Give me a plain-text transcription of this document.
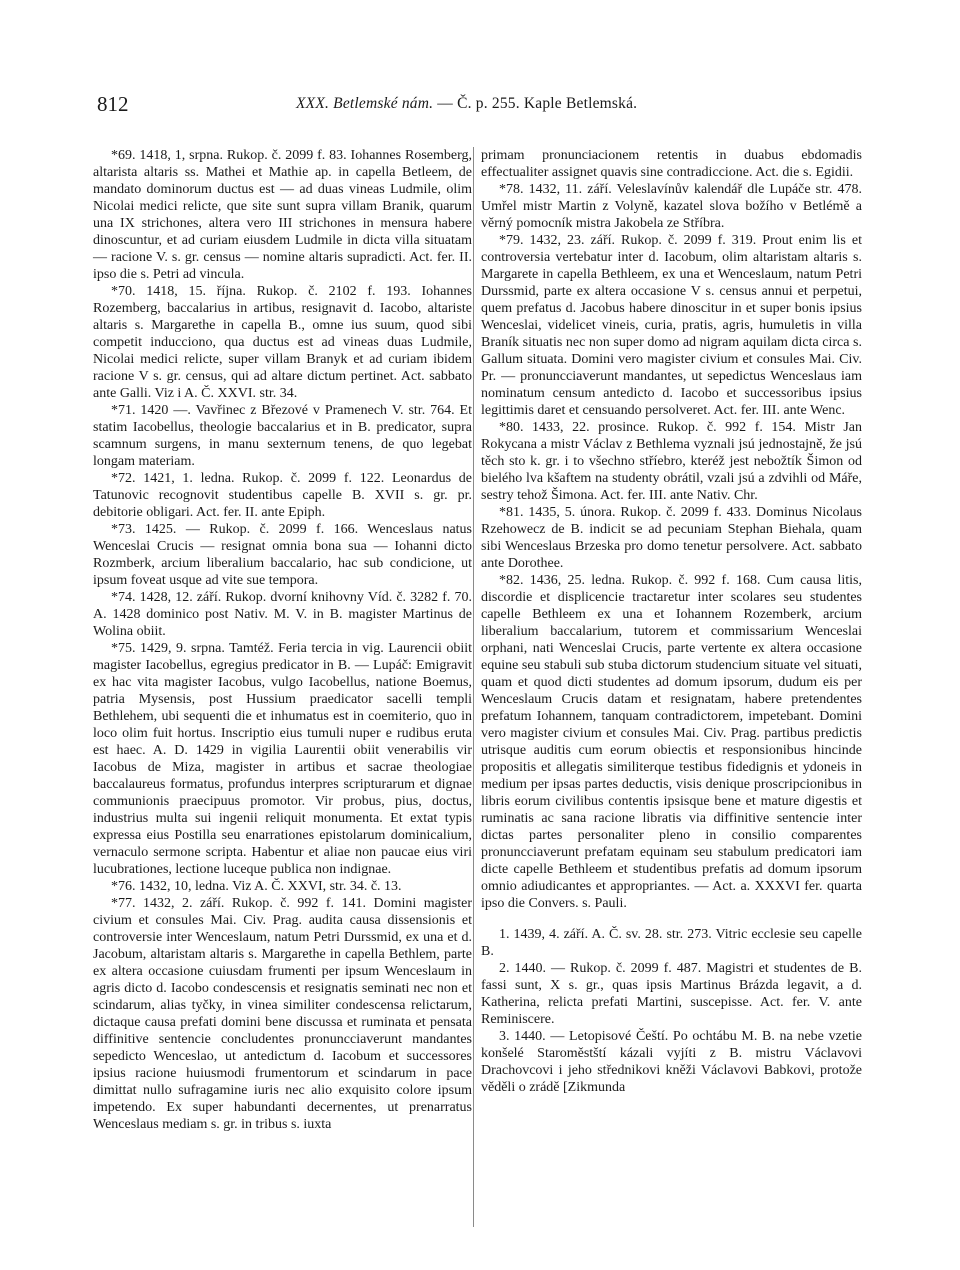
812	XXX. Betlemské nám. — Č. p. 255. Kaple Betlemská.

*69. 1418, 1, srpna. Rukop. č. 2099 f. 83. Iohannes Rosemberg, altarista altaris ss. Mathei et Mathie ap. in capella Betleem, de mandato dominorum ductus est — ad duas vineas Ludmile, olim Nicolai medici relicte, que site sunt supra villam Branik, quarum una IX strichones, altera vero III strichones in mensura habere dinoscuntur, et ad curiam eiusdem Ludmile in dicta villa situatam — racione V. s. gr. census — nomine altaris supradicti. Act. fer. II. ipso die s. Petri ad vincula.

*70. 1418, 15. října. Rukop. č. 2102 f. 193. Iohannes Rozemberg, baccalarius in artibus, resignavit d. Iacobo, altariste altaris s. Margarethe in capella B., omne ius suum, quod sibi competit inducciono, qua ductus est ad vineas duas Ludmile, Nicolai medici relicte, super villam Branyk et ad curiam ibidem racione V s. gr. census, qui ad altare dictum pertinet. Act. sabbato ante Galli. Viz i A. Č. XXVI. str. 34.

*71. 1420 —. Vavřinec z Březové v Pramenech V. str. 764. Et statim Iacobellus, theologie baccalarius et in B. predicator, supra scamnum surgens, in manu sexternum tenens, de quo legebat longam materiam.

*72. 1421, 1. ledna. Rukop. č. 2099 f. 122. Leonardus de Tatunovic recognovit studentibus capelle B. XVII s. gr. pr. debitorie obligari. Act. fer. II. ante Epiph.

*73. 1425. — Rukop. č. 2099 f. 166. Wenceslaus natus Wenceslai Crucis — resignat omnia bona sua — Iohanni dicto Rozmberk, arcium liberalium baccalario, hac sub condicione, ut ipsum foveat usque ad vite sue tempora.

*74. 1428, 12. září. Rukop. dvorní knihovny Víd. č. 3282 f. 70. A. 1428 dominico post Nativ. M. V. in B. magister Martinus de Wolina obiit.

*75. 1429, 9. srpna. Tamtéž. Feria tercia in vig. Laurencii obiit magister Iacobellus, egregius predicator in B. — Lupáč: Emigravit ex hac vita magister Iacobus, vulgo Iacobellus, natione Boemus, patria Mysensis, post Hussium praedicator sacelli templi Bethlehem, ubi sequenti die et inhumatus est in coemiterio, quo in loco olim fuit hortus. Inscriptio eius tumuli nuper e rudibus eruta est haec. A. D. 1429 in vigilia Laurentii obiit venerabilis vir Iacobus de Miza, magister in artibus et sacrae theologiae baccalaureus formatus, profundus interpres scripturarum et dignae communionis praecipuus promotor. Vir probus, pius, doctus, industrius multa sui ingenii reliquit monumenta. Et extat typis expressa eius Postilla seu enarrationes epistolarum dominicalium, vernaculo sermone scripta. Habentur et aliae non paucae eius viri lucubrationes, lectione luceque publica non indignae.

*76. 1432, 10, ledna. Viz A. Č. XXVI, str. 34. č. 13.

*77. 1432, 2. září. Rukop. č. 992 f. 141. Domini magister civium et consules Mai. Civ. Prag. audita causa dissensionis et controversie inter Wenceslaum, natum Petri Durssmid, ex una et d. Jacobum, altaristam altaris s. Margarethe in capella Bethlem, parte ex altera occasione cuiusdam frumenti per ipsum Wenceslaum in agris dicto d. Iacobo condescensis et resignatis seminati nec non et scindarum, alias tyčky, in vinea similiter condescensa relictarum, dictaque causa prefati domini bene discussa et ruminata et pensata diffinitive sentencie concludentes pronuncciaverunt mandantes sepedicto Wenceslao, ut antedictum d. Iacobum et successores ipsius racione huiusmodi frumentorum et scindarum in pace dimittat nullo sufragamine iuris nec alio exquisito colore ipsum impetendo. Ex super habundanti decernentes, ut prenarratus Wenceslaus mediam s. gr. in tribus s. iuxta

primam pronunciacionem retentis in duabus ebdomadis effectualiter assignet quavis sine contradiccione. Act. die s. Egidii.

*78. 1432, 11. září. Veleslavínův kalendář dle Lupáče str. 478. Umřel mistr Martin z Volyně, kazatel slova božího v Betlémě a věrný pomocník mistra Jakobela ze Stříbra.

*79. 1432, 23. září. Rukop. č. 2099 f. 319. Prout enim lis et controversia vertebatur inter d. Iacobum, olim altaristam altaris s. Margarete in capella Bethleem, ex una et Wenceslaum, natum Petri Durssmid, parte ex altera occasione V s. census annui et perpetui, quem prefatus d. Jacobus habere dinoscitur in et super bonis ipsius Wenceslai, videlicet vineis, curia, pratis, agris, humuletis in villa Braník situatis nec non super domo ad nigram aquilam dicta circa s. Gallum situata. Domini vero magister civium et consules Mai. Civ. Pr. — pronuncciaverunt mandantes, ut sepedictus Wenceslaus iam nominatum censum antedicto d. Iacobo et successoribus ipsius legittimis daret et censuando persolveret. Act. fer. III. ante Wenc.

*80. 1433, 22. prosince. Rukop. č. 992 f. 154. Mistr Jan Rokycana a mistr Václav z Bethlema vyznali jsú jednostajně, že jsú těch sto k. gr. i to všechno stříebro, kteréž jest nebožtík Šimon od bieléhо lva kšaftem na studenty obrátil, vzali jsú a zdvihli od Máře, sestry tehož Šimona. Act. fer. III. ante Nativ. Chr.

*81. 1435, 5. února. Rukop. č. 2099 f. 433. Dominus Nicolaus Rzehowecz de B. indicit se ad pecuniam Stephan Biehala, quam sibi Wenceslaus Brzeska pro domo tenetur persolvere. Act. sabbato ante Dorothee.

*82. 1436, 25. ledna. Rukop. č. 992 f. 168. Cum causa litis, discordie et displicencie tractaretur inter scolares seu studentes capelle Bethleem ex una et Iohannem Rozemberk, arcium liberalium baccalarium, tutorem et commissarium Wenceslai orphani, nati Wenceslai Crucis, parte vertente ex altera occasione equine seu stabuli sub stuba dictorum studencium situate vel situati, quam et quod dicti studentes ad domum ipsorum, dudum eis per Wenceslaum Crucis datam et resignatam, habere pretendentes prefatum Iohannem, tanquam contradictorem, impetebant. Domini vero magister civium et consules Mai. Civ. Prag. partibus predictis utrisque auditis cum eorum obiectis et responsionibus hincinde propositis et allegatis similiterque testibus fidedignis et ydoneis in medium per ipsas partes deductis, visis denique proscripcionibus in libris eorum civilibus contentis ipsisque bene et mature digestis et ruminatis ac sana racione libratis via diffinitive sentencie inter dictas partes personaliter pleno in consilio comparentes pronuncciaverunt prefatam equinam seu stabulum predicatori iam dicte capelle Bethleem et studentibus prefatis ad domum ipsorum omnio adiudicantes et appropriantes. — Act. a. XXXVI fer. quarta ipso die Convers. s. Pauli.

1. 1439, 4. září. A. Č. sv. 28. str. 273. Vitric ecclesie seu capelle B.

2. 1440. — Rukop. č. 2099 f. 487. Magistri et studentes de B. fassi sunt, X s. gr., quas ipsis Martinus Brázda legavit, a d. Katherina, relicta prefati Martini, suscepisse. Act. fer. V. ante Reminiscere.

3. 1440. — Letopisové Čeští. Po ochtábu M. B. na nebe vzetie konšelé Staroměstští kázali vyjíti z B. mistru Václavovi Drachovcovi i jeho střednikovi kněži Václavovi Babkovi, protože věděli o zrádě [Zikmunda
